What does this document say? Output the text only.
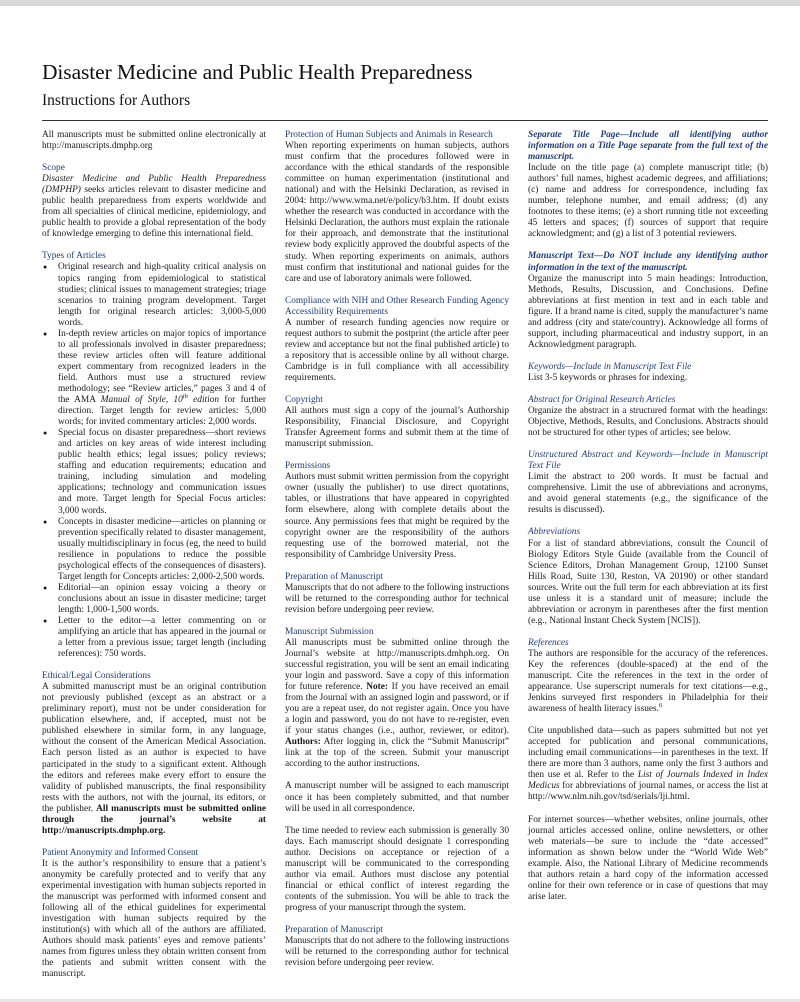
Disaster Medicine and Public Health Preparedness
Instructions for Authors

All manuscripts must be submitted online electronically at http://manuscripts.dmphp.org

Scope

Disaster Medicine and Public Health Preparedness (DMPHP) seeks articles relevant to disaster medicine and public health preparedness from experts worldwide and from all specialties of clinical medicine, epidemiology, and public health to provide a global representation of the body of knowledge emerging to define this international field.

Types of Articles
● Original research and high-quality critical analysis on topics ranging from epidemiological to statistical studies; clinical issues to management strategies; triage scenarios to training program development. Target length for original research articles: 3,000-5,000 words.
● In-depth review articles on major topics of importance to all professionals involved in disaster preparedness; these review articles often will feature additional expert commentary from recognized leaders in the field. Authors must use a structured review methodology; see “Review articles,” pages 3 and 4 of the AMA Manual of Style, 10th edition for further direction. Target length for review articles: 5,000 words; for invited commentary articles: 2,000 words.
● Special focus on disaster preparedness—short reviews and articles on key areas of wide interest including public health ethics; legal issues; policy reviews; staffing and education requirements; education and training, including simulation and modeling applications; technology and communication issues and more. Target length for Special Focus articles: 3,000 words.
● Concepts in disaster medicine—articles on planning or prevention specifically related to disaster management, usually multidisciplinary in focus (eg, the need to build resilience in populations to reduce the possible psychological effects of the consequences of disasters). Target length for Concepts articles: 2,000-2,500 words.
● Editorial—an opinion essay voicing a theory or conclusions about an issue in disaster medicine; target length: 1,000-1,500 words.
● Letter to the editor—a letter commenting on or amplifying an article that has appeared in the journal or a letter from a previous issue; target length (including references): 750 words.
Ethical/Legal Considerations

A submitted manuscript must be an original contribution not previously published (except as an abstract or a preliminary report), must not be under consideration for publication elsewhere, and, if accepted, must not be published elsewhere in similar form, in any language, without the consent of the American Medical Association. Each person listed as an author is expected to have participated in the study to a significant extent. Although the editors and referees make every effort to ensure the validity of published manuscripts, the final responsibility rests with the authors, not with the journal, its editors, or the publisher. All manuscripts must be submitted online through the journal’s website at http://manuscripts.dmphp.org.

Patient Anonymity and Informed Consent

It is the author’s responsibility to ensure that a patient’s anonymity be carefully protected and to verify that any experimental investigation with human subjects reported in the manuscript was performed with informed consent and following all of the ethical guidelines for experimental investigation with human subjects required by the institution(s) with which all of the authors are affiliated. Authors should mask patients’ eyes and remove patients’ names from figures unless they obtain written consent from the patients and submit written consent with the manuscript.

Protection of Human Subjects and Animals in Research

When reporting experiments on human subjects, authors must confirm that the procedures followed were in accordance with the ethical standards of the responsible committee on human experimentation (institutional and national) and with the Helsinki Declaration, as revised in 2004: http://www.wma.net/e/policy/b3.htm. If doubt exists whether the research was conducted in accordance with the Helsinki Declaration, the authors must explain the rationale for their approach, and demonstrate that the institutional review body explicitly approved the doubtful aspects of the study. When reporting experiments on animals, authors must confirm that institutional and national guides for the care and use of laboratory animals were followed.

Compliance with NIH and Other Research Funding Agency Accessibility Requirements

A number of research funding agencies now require or request authors to submit the postprint (the article after peer review and acceptance but not the final published article) to a repository that is accessible online by all without charge. Cambridge is in full compliance with all accessibility requirements.

Copyright

All authors must sign a copy of the journal’s Authorship Responsibility, Financial Disclosure, and Copyright Transfer Agreement forms and submit them at the time of manuscript submission.

Permissions

Authors must submit written permission from the copyright owner (usually the publisher) to use direct quotations, tables, or illustrations that have appeared in copyrighted form elsewhere, along with complete details about the source. Any permissions fees that might be required by the copyright owner are the responsibility of the authors requesting use of the borrowed material, not the responsibility of Cambridge University Press.

Preparation of Manuscript

Manuscripts that do not adhere to the following instructions will be returned to the corresponding author for technical revision before undergoing peer review.

Manuscript Submission

All manuscripts must be submitted online through the Journal’s website at http://manuscripts.dmhph.org. On successful registration, you will be sent an email indicating your login and password. Save a copy of this information for future reference. Note: If you have received an email from the Journal with an assigned login and password, or if you are a repeat user, do not register again. Once you have a login and password, you do not have to re-register, even if your status changes (i.e., author, reviewer, or editor). Authors: After logging in, click the “Submit Manuscript” link at the top of the screen. Submit your manuscript according to the author instructions.

A manuscript number will be assigned to each manuscript once it has been completely submitted, and that number will be used in all correspondence.

The time needed to review each submission is generally 30 days. Each manuscript should designate 1 corresponding author. Decisions on acceptance or rejection of a manuscript will be communicated to the corresponding author via email. Authors must disclose any potential financial or ethical conflict of interest regarding the contents of the submission. You will be able to track the progress of your manuscript through the system.

Preparation of Manuscript

Manuscripts that do not adhere to the following instructions will be returned to the corresponding author for technical revision before undergoing peer review.

Separate Title Page—Include all identifying author information on a Title Page separate from the full text of the manuscript.

Include on the title page (a) complete manuscript title; (b) authors’ full names, highest academic degrees, and affiliations; (c) name and address for correspondence, including fax number, telephone number, and email address; (d) any footnotes to these items; (e) a short running title not exceeding 45 letters and spaces; (f) sources of support that require acknowledgment; and (g) a list of 3 potential reviewers.

Manuscript Text—Do NOT include any identifying author information in the text of the manuscript.

Organize the manuscript into 5 main headings: Introduction, Methods, Results, Discussion, and Conclusions. Define abbreviations at first mention in text and in each table and figure. If a brand name is cited, supply the manufacturer’s name and address (city and state/country). Acknowledge all forms of support, including pharmaceutical and industry support, in an Acknowledgment paragraph.

Keywords—Include in Manuscript Text File

List 3-5 keywords or phrases for indexing.

Abstract for Original Research Articles

Organize the abstract in a structured format with the headings: Objective, Methods, Results, and Conclusions. Abstracts should not be structured for other types of articles; see below.

Unstructured Abstract and Keywords—Include in Manuscript Text File

Limit the abstract to 200 words. It must be factual and comprehensive. Limit the use of abbreviations and acronyms, and avoid general statements (e.g., the significance of the results is discussed).

Abbreviations

For a list of standard abbreviations, consult the Council of Biology Editors Style Guide (available from the Council of Science Editors, Drohan Management Group, 12100 Sunset Hills Road, Suite 130, Reston, VA 20190) or other standard sources. Write out the full term for each abbreviation at its first use unless it is a standard unit of measure; include the abbreviation or acronym in parentheses after the first mention (e.g., National Instant Check System [NCIS]).

References

The authors are responsible for the accuracy of the references. Key the references (double-spaced) at the end of the manuscript. Cite the references in the text in the order of appearance. Use superscript numerals for text citations—e.g., Jenkins surveyed first responders in Philadelphia for their awareness of health literacy issues.$^6$

Cite unpublished data—such as papers submitted but not yet accepted for publication and personal communications, including email communications—in parentheses in the text. If there are more than 3 authors, name only the first 3 authors and then use et al. Refer to the List of Journals Indexed in Index Medicus for abbreviations of journal names, or access the list at http://www.nlm.nih.gov/tsd/serials/lji.html.

For internet sources—whether websites, online journals, other journal articles accessed online, online newsletters, or other web materials—be sure to include the “date accessed” information as shown below under the “World Wide Web” example. Also, the National Library of Medicine recommends that authors retain a hard copy of the information accessed online for their own reference or in case of questions that may arise later.
